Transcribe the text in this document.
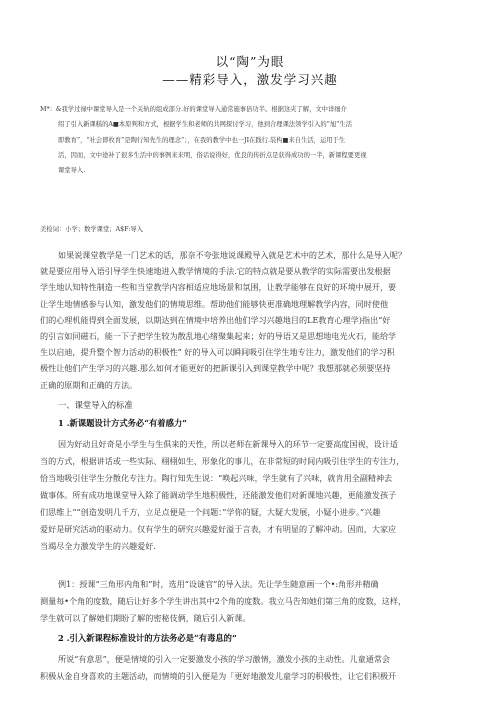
以“陶”为眼
——精彩导入，激发学习兴趣

M*：&我学过禄中课堂导入是一个关轨的组成部分.好的课堂导入通常施事倍功半。根据这夹了解，文中详细介

绍了引入新课糕的A■本原判和方式，根据学生和老师的共网探讨学习，他到合理课法领学引入的”旭“生活

即教育”，“社会即枚育”是陶行知先生的理念“；，在我的教学中也一JI在践行.装构■来自生活，运用于生

活，因而，文中途补了很多生活中的事例来来明，俗话说得好，优良的传折点是获得成功的一半，新课程要更视

课堂导入.

美检词：小学；数学课堂；A$F:导入

如果说课堂教学是一门艺术的话，那奈不夸张地说课殿导入就是艺术中的艺术，那什么是导入呢？

就是要应用导入语引导学生快速地进入教学情境的手法.它的特点就是要从教学的实际需要出发根据

学生地认知特性制造一些和当堂教学内容相适应地场景和氛围，让教学能够在良好的环境中展开，要

让学生地情感参与认知，激发他们的情境思维。帮助他们能够快更准确地理解教学内容，同时使他

们的心理机能得到全面发展，以期达到在情境中培养出他们学习兴趣地目的LE教育心理学)指出“好

的引言如同磁石，能一下子把学生较为散乱地心绪聚集起来；好的导语又是思想地电光火石，能给学

生以启迪，提升整个智力活动的积极性” 好的导入可以瞬间吸引住学生地专注力，激发他们的学习积

极性让他们产生学习的兴趣.那么如何才能更好的把新课引入到课堂教学中呢？我想那就必须要坚持

正确的原期和正确的方法。

一、课堂导入的标准
1 .新课题设计方式务必“有着感力”

因为好动且好奇是小学生与生俱来的天性，所以老师在新课导入的环节一定要高度国视，设计适

当的方式，根据讲话或一些实际、栩栩如生、形象化的事儿，在非常短的时间内吸引住学生的专注力，

恰当地吸引住学生分散化专注力。陶行知先生说：“唤起兴味，学生就有了兴味，就肯用全副精神去

做事体。所有成功地课堂导入除了能调动学生地积极性，还能激发他们对新课地兴趣，更能激发孩子

们思维上”“创造发明几千方，立足点便是一个问题：”学你的疑，大疑大发展，小疑小进步。”兴趣

爱好是研究活动的驱动力。仅有学生的研究兴趣爱好溢于言表，才有明显的了解冲动。因而，大家应

当竭尽全力激发学生的兴趣爱好.

例1：授课“三角形内角和”时，选用“设谜官”的导入法。先让学生随意画一个•:角形并精确

测量每•个角的度数，随后让好多个学生讲出其中2个角的度数。我立马告知她们第三角的度数，这样，

学生就可以了解她们期盼了解的密秘伎俩，随后引入新课。

2 .引入新课程标准设计的方法务必是“有毒息的”

所说“有意思”，便是情境的引入一定要激发小孩的学习激情，激发小孩的主动性。儿童通常会

积极从金自身喜欢的主题活动，而情境的引入便是为「更好地激发儿童学习的积极性，让它们积极开
